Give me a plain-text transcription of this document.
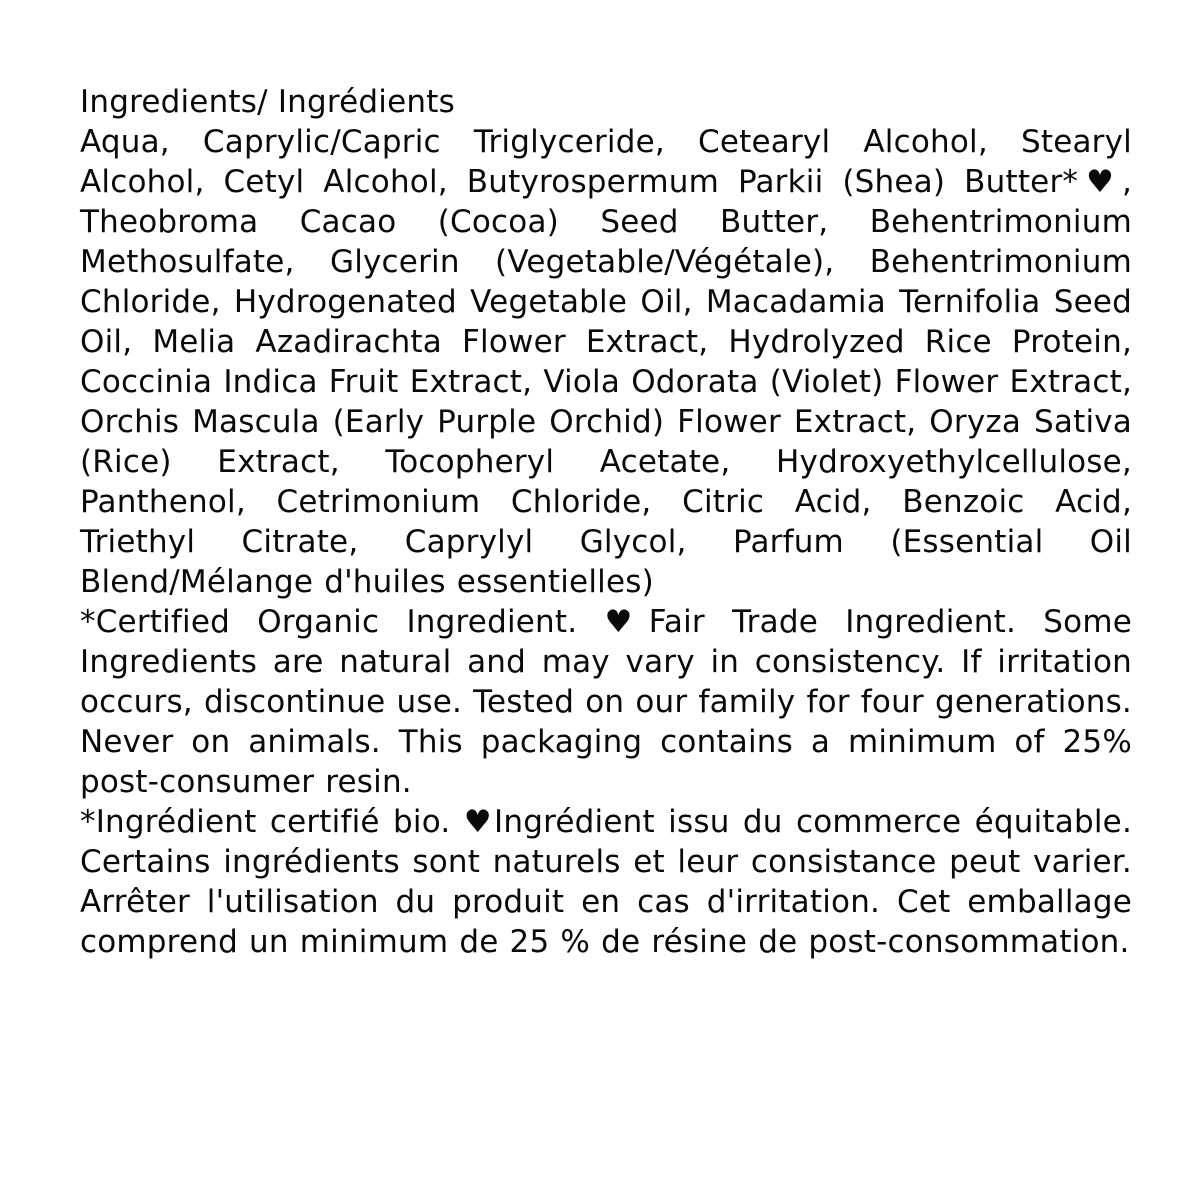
Ingredients/ Ingrédients

Aqua, Caprylic/Capric Triglyceride, Cetearyl Alcohol, Stearyl Alcohol, Cetyl Alcohol, Butyrospermum Parkii (Shea) Butter*♥, Theobroma Cacao (Cocoa) Seed Butter, Behentrimonium Methosulfate, Glycerin (Vegetable/Végétale), Behentrimonium Chloride, Hydrogenated Vegetable Oil, Macadamia Ternifolia Seed Oil, Melia Azadirachta Flower Extract, Hydrolyzed Rice Protein, Coccinia Indica Fruit Extract, Viola Odorata (Violet) Flower Extract, Orchis Mascula (Early Purple Orchid) Flower Extract, Oryza Sativa (Rice) Extract, Tocopheryl Acetate, Hydroxyethylcellulose, Panthenol, Cetrimonium Chloride, Citric Acid, Benzoic Acid, Triethyl Citrate, Caprylyl Glycol, Parfum (Essential Oil Blend/Mélange d'huiles essentielles)

*Certified Organic Ingredient. ♥Fair Trade Ingredient. Some Ingredients are natural and may vary in consistency. If irritation occurs, discontinue use. Tested on our family for four generations. Never on animals. This packaging contains a minimum of 25% post-consumer resin.

*Ingrédient certifié bio. ♥Ingrédient issu du commerce équitable. Certains ingrédients sont naturels et leur consistance peut varier. Arrêter l'utilisation du produit en cas d'irritation. Cet emballage comprend un minimum de 25 % de résine de post-consommation.
